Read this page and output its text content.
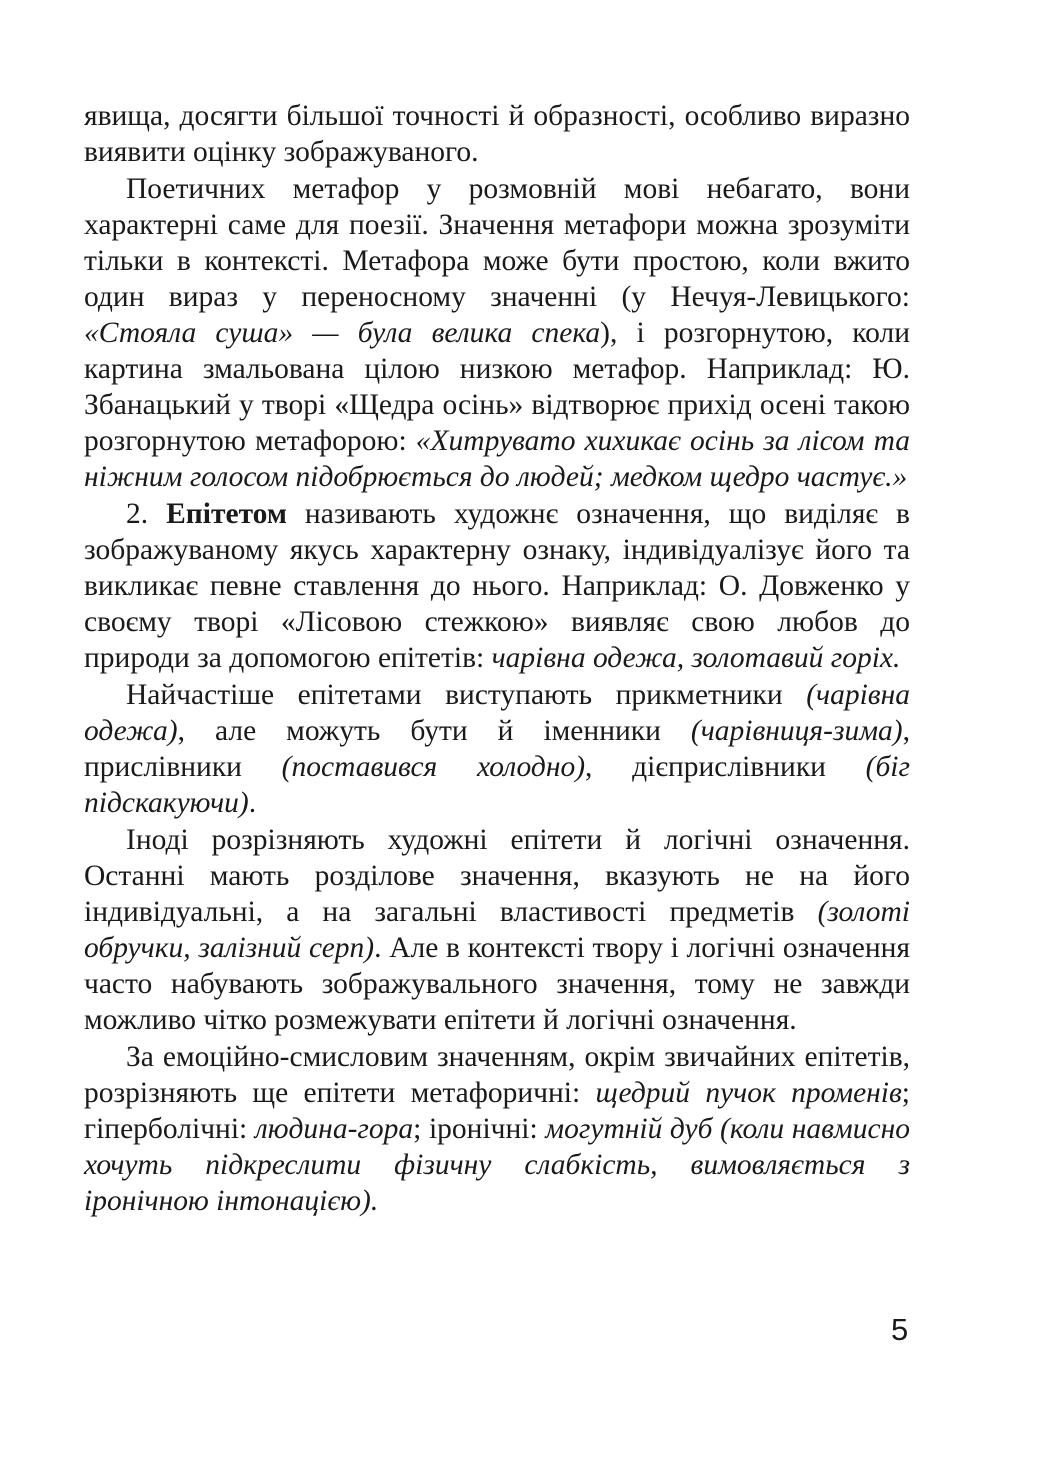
явища, досягти більшої точності й образності, особливо виразно виявити оцінку зображуваного.

Поетичних метафор у розмовній мові небагато, вони характерні саме для поезії. Значення метафори можна зрозуміти тільки в контексті. Метафора може бути простою, коли вжито один вираз у переносному значенні (у Нечуя-Левицького: «Стояла суша» — була велика спека), і розгорнутою, коли картина змальована цілою низкою метафор. Наприклад: Ю. Збанацький у творі «Щедра осінь» відтворює прихід осені такою розгорнутою метафорою: «Хитрувато хихикає осінь за лісом та ніжним голосом підобрюється до людей; медком щедро частує.»

2. Епітетом називають художнє означення, що виділяє в зображуваному якусь характерну ознаку, індивідуалізує його та викликає певне ставлення до нього. Наприклад: О. Довженко у своєму творі «Лісовою стежкою» виявляє свою любов до природи за допомогою епітетів: чарівна одежа, золотавий горіх.

Найчастіше епітетами виступають прикметники (чарівна одежа), але можуть бути й іменники (чарівниця-зима), прислівники (поставився холодно), дієприслівники (біг підскакуючи).

Іноді розрізняють художні епітети й логічні означення. Останні мають розділове значення, вказують не на його індивідуальні, а на загальні властивості предметів (золоті обручки, залізний серп). Але в контексті твору і логічні означення часто набувають зображувального значення, тому не завжди можливо чітко розмежувати епітети й логічні означення.

За емоційно-смисловим значенням, окрім звичайних епітетів, розрізняють ще епітети метафоричні: щедрий пучок променів; гіперболічні: людина-гора; іронічні: могутній дуб (коли навмисно хочуть підкреслити фізичну слабкість, вимовляється з іронічною інтонацією).

5
